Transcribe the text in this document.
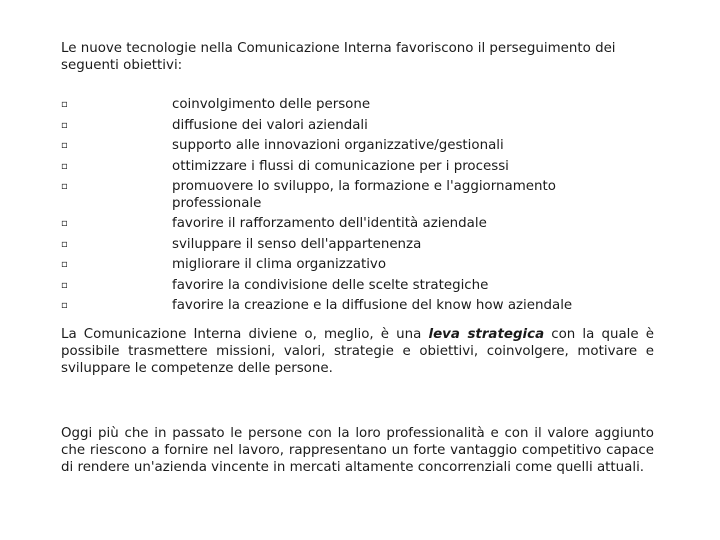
Le nuove tecnologie nella Comunicazione Interna favoriscono il perseguimento dei seguenti obiettivi:

▫	coinvolgimento delle persone
▫	diffusione dei valori aziendali
▫	supporto alle innovazioni organizzative/gestionali
▫	ottimizzare i flussi di comunicazione per i processi
▫	promuovere lo sviluppo, la formazione e l'aggiornamento professionale
▫	favorire il rafforzamento dell'identità aziendale
▫	sviluppare il senso dell'appartenenza
▫	migliorare il clima organizzativo
▫	favorire la condivisione delle scelte strategiche
▫	favorire la creazione e la diffusione del know how aziendale

La Comunicazione Interna diviene o, meglio, è una leva strategica con la quale è possibile trasmettere missioni, valori, strategie e obiettivi, coinvolgere, motivare e sviluppare le competenze delle persone.

Oggi più che in passato le persone con la loro professionalità e con il valore aggiunto che riescono a fornire nel lavoro, rappresentano un forte vantaggio competitivo capace di rendere un'azienda vincente in mercati altamente concorrenziali come quelli attuali.
